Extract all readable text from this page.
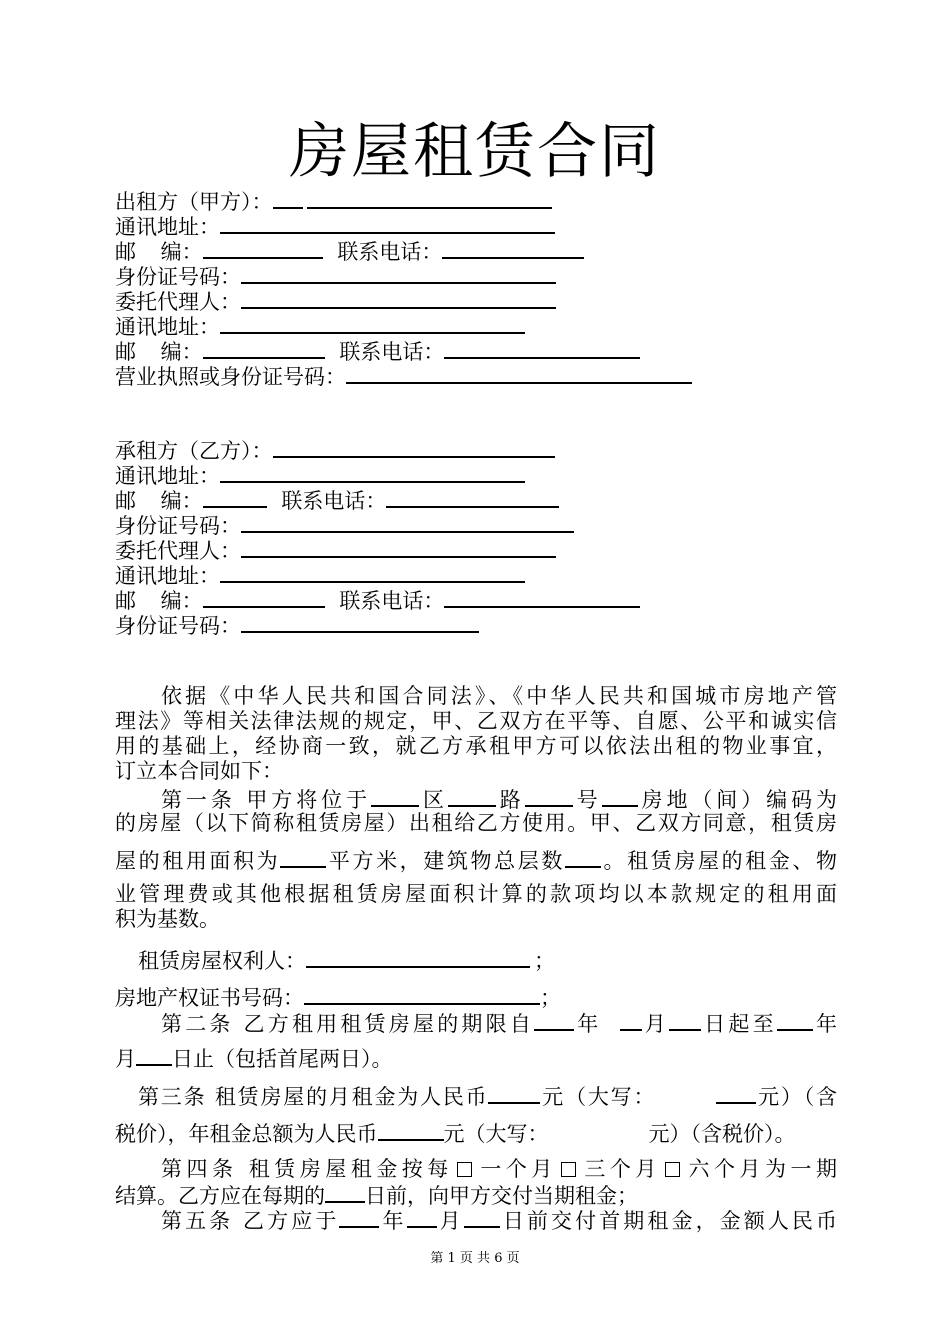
房屋租赁合同
出租方（甲方）：
通讯地址：
邮 编：	联系电话：
身份证号码：
委托代理人：
通讯地址：
邮 编：	联系电话：
营业执照或身份证号码：
承租方（乙方）：
通讯地址：
邮 编：	联系电话：
身份证号码：
委托代理人：
通讯地址：
邮 编：	联系电话：
身份证号码：

依据《中华人民共和国合同法》、《中华人民共和国城市房地产管

理法》等相关法律法规的规定，甲、乙双方在平等、自愿、公平和诚实信

用的基础上，经协商一致，就乙方承租甲方可以依法出租的物业事宜，

订立本合同如下：

第一条 甲方将位于 区 路 号 房地（间）编码为

的房屋（以下简称租赁房屋）出租给乙方使用。甲、乙双方同意，租赁房

屋的租用面积为 平方米，建筑物总层数 。租赁房屋的租金、物

业管理费或其他根据租赁房屋面积计算的款项均以本款规定的租用面

积为基数。

租赁房屋权利人：	；
房地产权证书号码：	；
第二条 乙方租用租赁房屋的期限自 年 月 日起至 年
月 日止（包括首尾两日）。
第三条 租赁房屋的月租金为人民币 元（大写：	元）（含
税价），年租金总额为人民币	元（大写：	元）（含税价）。
第四条 租赁房屋租金按每 一个月 三个月 六个月为一期
结算。乙方应在每期的 日前，向甲方交付当期租金；
第五条 乙方应于 年 月 日前交付首期租金，金额人民币
第 1 页 共 6 页
